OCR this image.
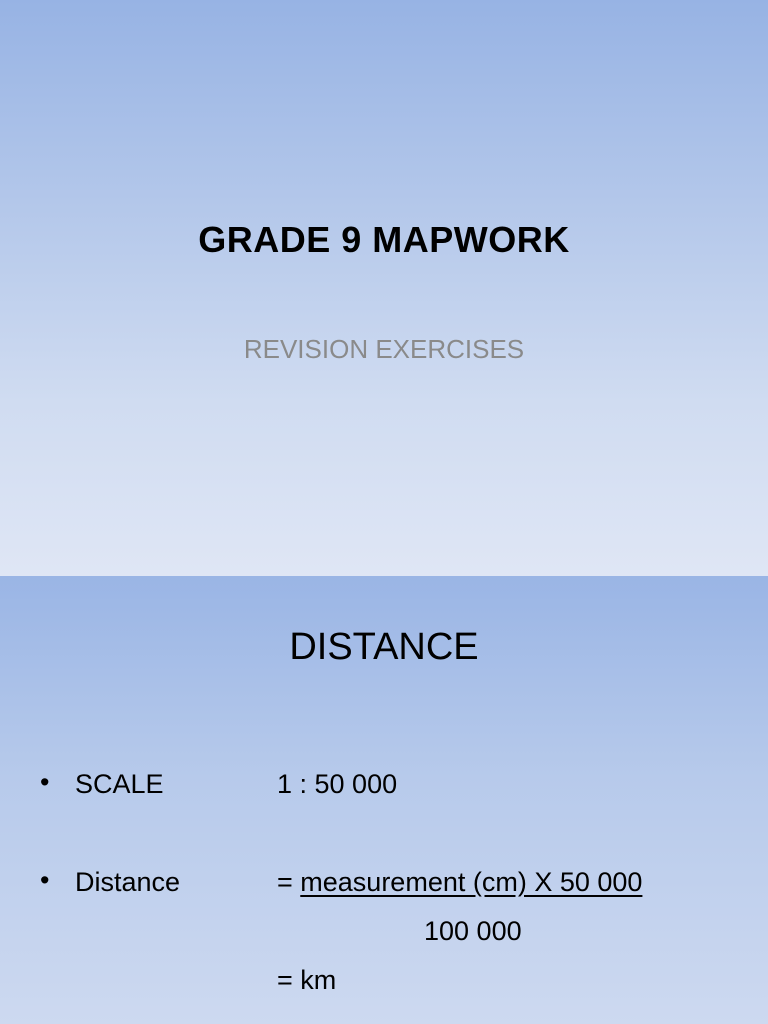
GRADE 9 MAPWORK
REVISION EXERCISES
DISTANCE
• SCALE	1 : 50 000
• Distance	= measurement (cm) X 50 000
100 000
= km
